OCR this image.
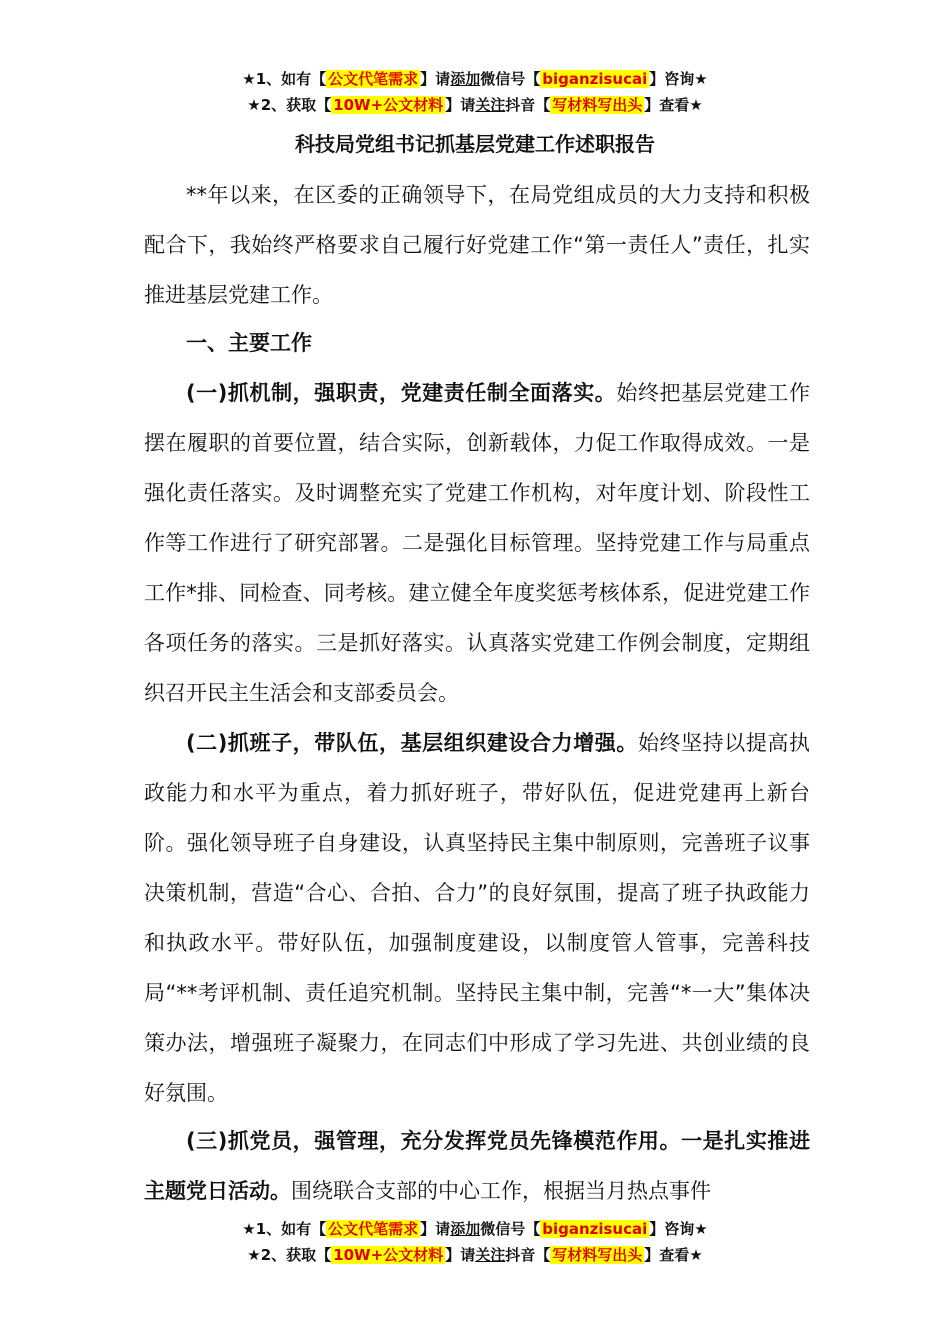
★1、如有【 公文代笔需求 】请添加微信号【 biganzisucai 】咨询★
★2、获取【 10W+公文材料 】请关注抖音【 写材料写出头 】查看★
科技局党组书记抓基层党建工作述职报告

**年以来，在区委的正确领导下，在局党组成员的大力支持和积极配合下，我始终严格要求自己履行好党建工作“第一责任人”责任，扎实推进基层党建工作。

一、主要工作

(一)抓机制，强职责，党建责任制全面落实。始终把基层党建工作摆在履职的首要位置，结合实际，创新载体，力促工作取得成效。一是强化责任落实。及时调整充实了党建工作机构，对年度计划、阶段性工作等工作进行了研究部署。二是强化目标管理。坚持党建工作与局重点工作*排、同检查、同考核。建立健全年度奖惩考核体系，促进党建工作各项任务的落实。三是抓好落实。认真落实党建工作例会制度，定期组织召开民主生活会和支部委员会。

(二)抓班子，带队伍，基层组织建设合力增强。始终坚持以提高执政能力和水平为重点，着力抓好班子，带好队伍，促进党建再上新台阶。强化领导班子自身建设，认真坚持民主集中制原则，完善班子议事决策机制，营造“合心、合拍、合力”的良好氛围，提高了班子执政能力和执政水平。带好队伍，加强制度建设，以制度管人管事，完善科技局“**考评机制、责任追究机制。坚持民主集中制，完善“*一大”集体决策办法，增强班子凝聚力，在同志们中形成了学习先进、共创业绩的良好氛围。

(三)抓党员，强管理，充分发挥党员先锋模范作用。一是扎实推进主题党日活动。围绕联合支部的中心工作，根据当月热点事件

★1、如有【 公文代笔需求 】请添加微信号【 biganzisucai 】咨询★
★2、获取【 10W+公文材料 】请关注抖音【 写材料写出头 】查看★
